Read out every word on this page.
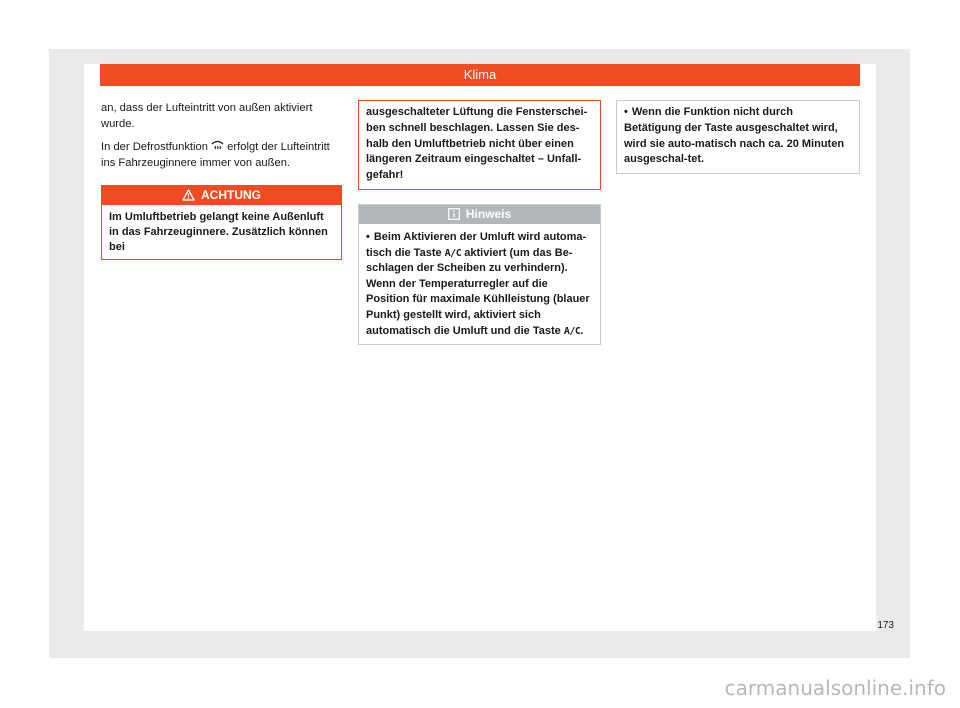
Klima

an, dass der Lufteintritt von außen aktiviert wurde.

In der Defrostfunktion  erfolgt der Lufteintritt ins Fahrzeuginnere immer von außen.

ACHTUNG
Im Umluftbetrieb gelangt keine Außenluft in das Fahrzeuginnere. Zusätzlich können bei
ausgeschalteter Lüftung die Fensterschei-ben schnell beschlagen. Lassen Sie des-halb den Umluftbetrieb nicht über einen längeren Zeitraum eingeschaltet – Unfall-gefahr!
Hinweis
• Beim Aktivieren der Umluft wird automa-tisch die Taste A/C aktiviert (um das Be-schlagen der Scheiben zu verhindern). Wenn der Temperaturregler auf die Position für maximale Kühlleistung (blauer Punkt) gestellt wird, aktiviert sich automatisch die Umluft und die Taste A/C.
• Wenn die Funktion nicht durch Betätigung der Taste ausgeschaltet wird, wird sie auto-matisch nach ca. 20 Minuten ausgeschal-tet.
173
carmanualsonline.info
